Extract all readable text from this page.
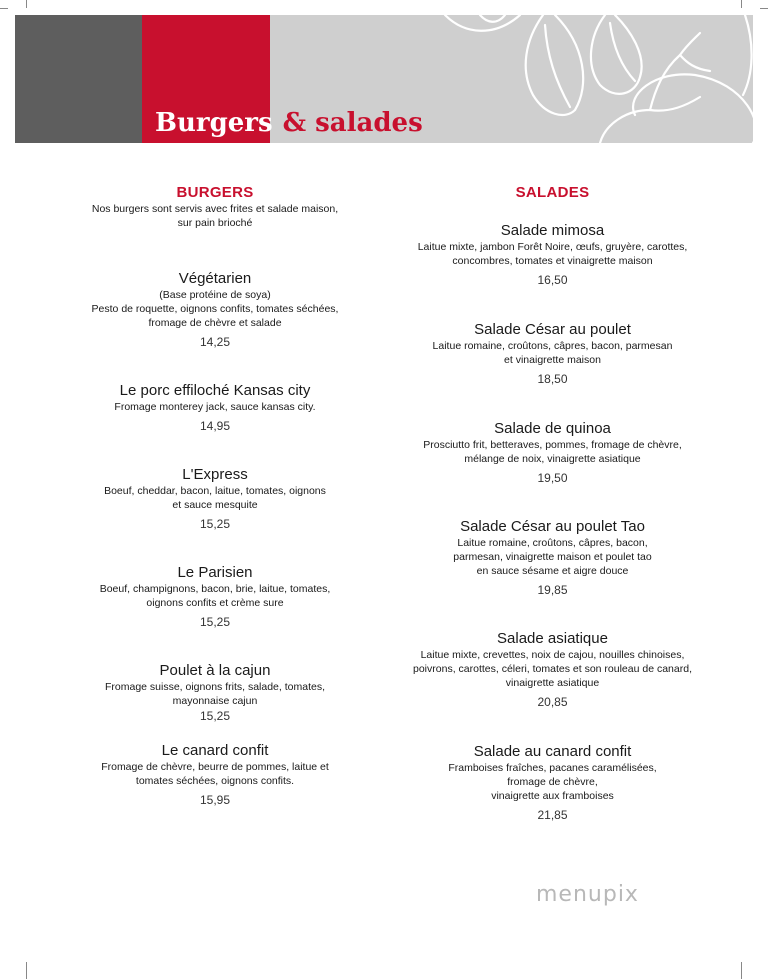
Burgers & salades
BURGERS
Nos burgers sont servis avec frites et salade maison,
sur pain brioché
Végétarien
(Base protéine de soya)
Pesto de roquette, oignons confits, tomates séchées,
fromage de chèvre et salade
14,25
Le porc effiloché Kansas city
Fromage monterey jack, sauce kansas city.
14,95
L'Express
Boeuf, cheddar, bacon, laitue, tomates, oignons
et sauce mesquite
15,25
Le Parisien
Boeuf, champignons, bacon, brie, laitue, tomates,
oignons confits et crème sure
15,25
Poulet à la cajun
Fromage suisse, oignons frits, salade, tomates,
mayonnaise cajun
15,25
Le canard confit
Fromage de chèvre, beurre de pommes, laitue et
tomates séchées, oignons confits.
15,95
SALADES
Salade mimosa
Laitue mixte, jambon Forêt Noire, œufs, gruyère, carottes,
concombres, tomates et vinaigrette maison
16,50
Salade César au poulet
Laitue romaine, croûtons, câpres, bacon, parmesan
et vinaigrette maison
18,50
Salade de quinoa
Prosciutto frit, betteraves, pommes, fromage de chèvre,
mélange de noix, vinaigrette asiatique
19,50
Salade César au poulet Tao
Laitue romaine, croûtons, câpres, bacon,
parmesan, vinaigrette maison et poulet tao
en sauce sésame et aigre douce
19,85
Salade asiatique
Laitue mixte, crevettes, noix de cajou, nouilles chinoises,
poivrons, carottes, céleri, tomates et son rouleau de canard,
vinaigrette asiatique
20,85
Salade au canard confit
Framboises fraîches, pacanes caramélisées,
fromage de chèvre,
vinaigrette aux framboises
21,85
menupix
